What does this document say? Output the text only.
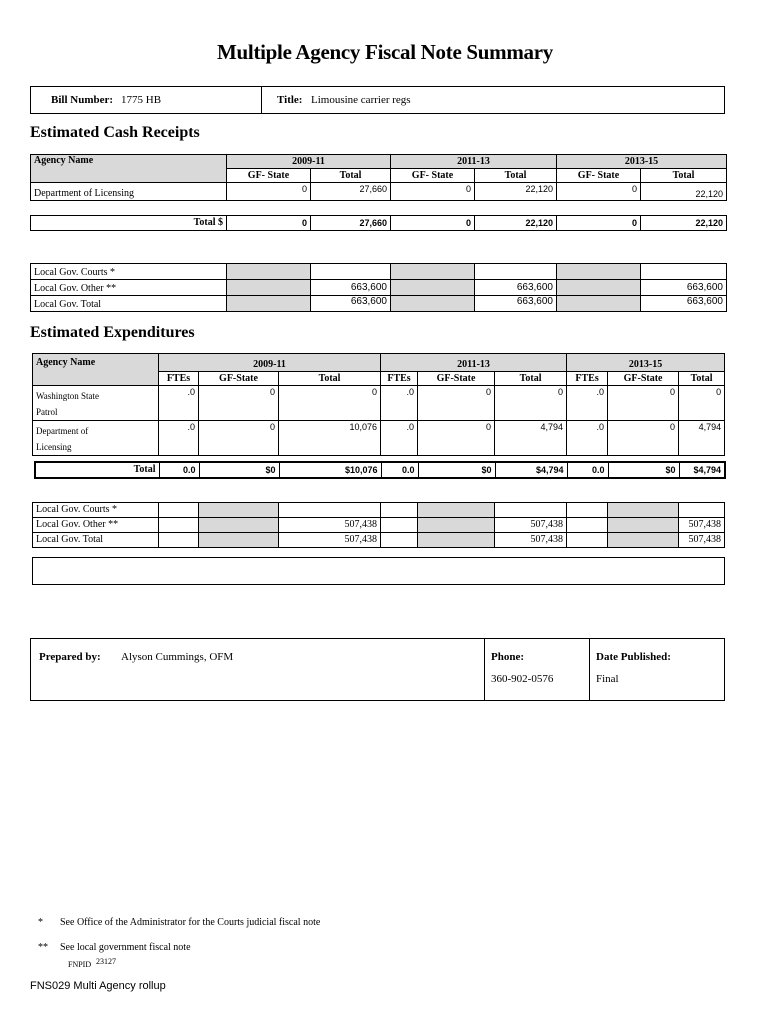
Multiple Agency Fiscal Note Summary
Bill Number: 1775 HB	Title: Limousine carrier regs
Estimated Cash Receipts
Agency Name	2009-11		2011-13		2013-15	
	GF- State	Total	GF- State	Total	GF- State	Total
Department of Licensing	0	27,660	0	22,120	0	22,120
Total $	0	27,660	0	22,120	0	22,120
Local Gov. Courts *						
Local Gov. Other **		663,600		663,600		663,600
Local Gov. Total		663,600		663,600		663,600
Estimated Expenditures
Agency Name	2009-11			2011-13			2013-15		
	FTEs	GF-State	Total	FTEs	GF-State	Total	FTEs	GF-State	Total
Washington State
Patrol	.0	0	0	.0	0	0	.0	0	0
Department of
Licensing	.0	0	10,076	.0	0	4,794	.0	0	4,794
Total	0.0	$0	$10,076	0.0	$0	$4,794	0.0	$0	$4,794
Local Gov. Courts *									
Local Gov. Other **			507,438			507,438			507,438
Local Gov. Total			507,438			507,438			507,438
Prepared by: Alyson Cummings, OFM	Phone:
360-902-0576
Date Published:
Final
* See Office of the Administrator for the Courts judicial fiscal note
** See local government fiscal note
FNPID 23127
FNS029 Multi Agency rollup
